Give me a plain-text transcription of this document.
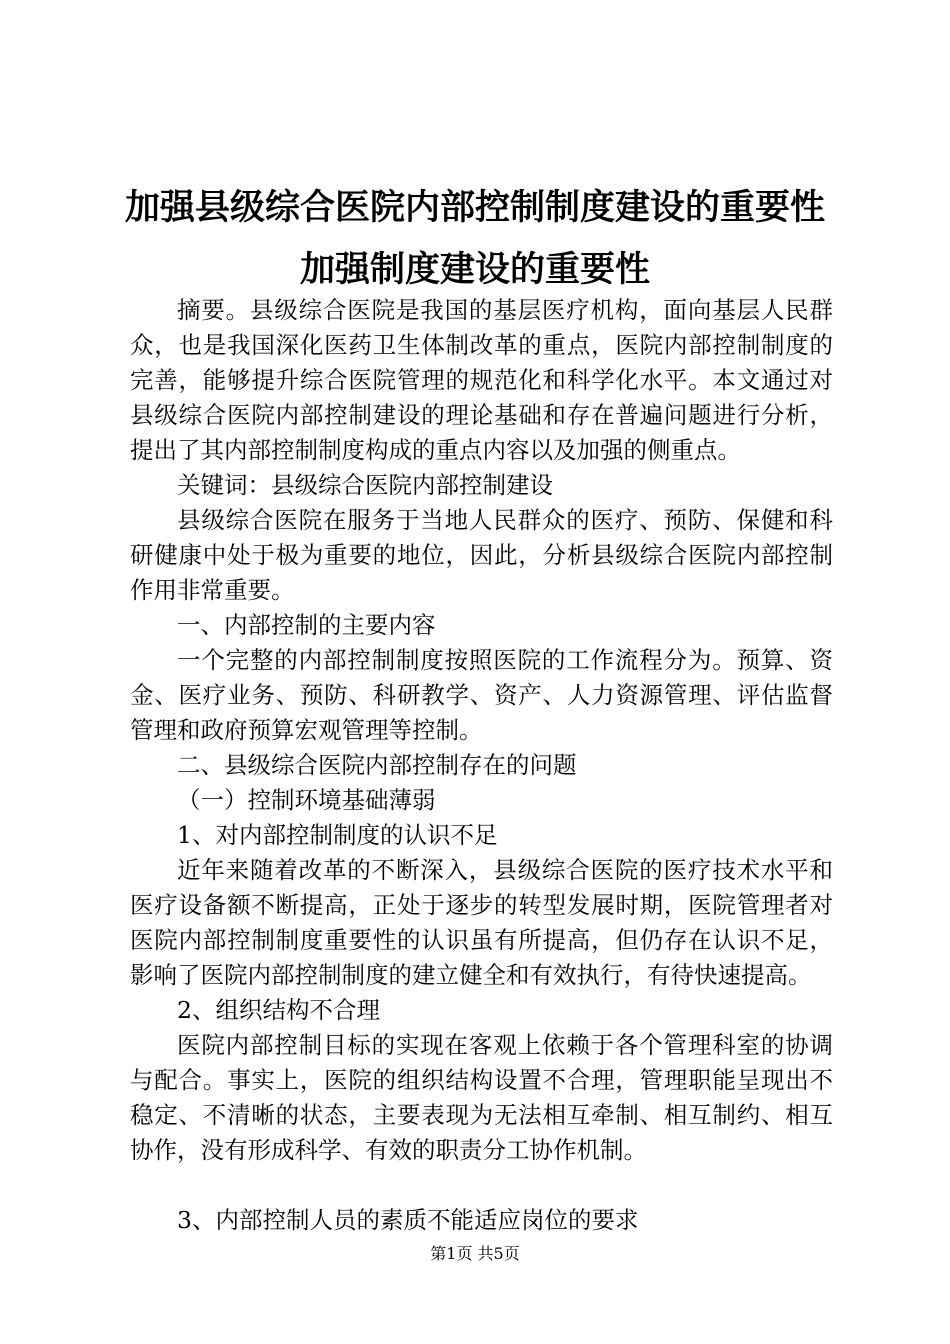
加强县级综合医院内部控制制度建设的重要性
加强制度建设的重要性

摘要。县级综合医院是我国的基层医疗机构，面向基层人民群众，也是我国深化医药卫生体制改革的重点，医院内部控制制度的完善，能够提升综合医院管理的规范化和科学化水平。本文通过对县级综合医院内部控制建设的理论基础和存在普遍问题进行分析，提出了其内部控制制度构成的重点内容以及加强的侧重点。

关键词：县级综合医院内部控制建设

县级综合医院在服务于当地人民群众的医疗、预防、保健和科研健康中处于极为重要的地位，因此，分析县级综合医院内部控制作用非常重要。

一、内部控制的主要内容

一个完整的内部控制制度按照医院的工作流程分为。预算、资金、医疗业务、预防、科研教学、资产、人力资源管理、评估监督管理和政府预算宏观管理等控制。

二、县级综合医院内部控制存在的问题

（一）控制环境基础薄弱

1、对内部控制制度的认识不足

近年来随着改革的不断深入，县级综合医院的医疗技术水平和医疗设备额不断提高，正处于逐步的转型发展时期，医院管理者对医院内部控制制度重要性的认识虽有所提高，但仍存在认识不足，影响了医院内部控制制度的建立健全和有效执行，有待快速提高。

2、组织结构不合理

医院内部控制目标的实现在客观上依赖于各个管理科室的协调与配合。事实上，医院的组织结构设置不合理，管理职能呈现出不稳定、不清晰的状态，主要表现为无法相互牵制、相互制约、相互协作，没有形成科学、有效的职责分工协作机制。

3、内部控制人员的素质不能适应岗位的要求

第1页 共5页
